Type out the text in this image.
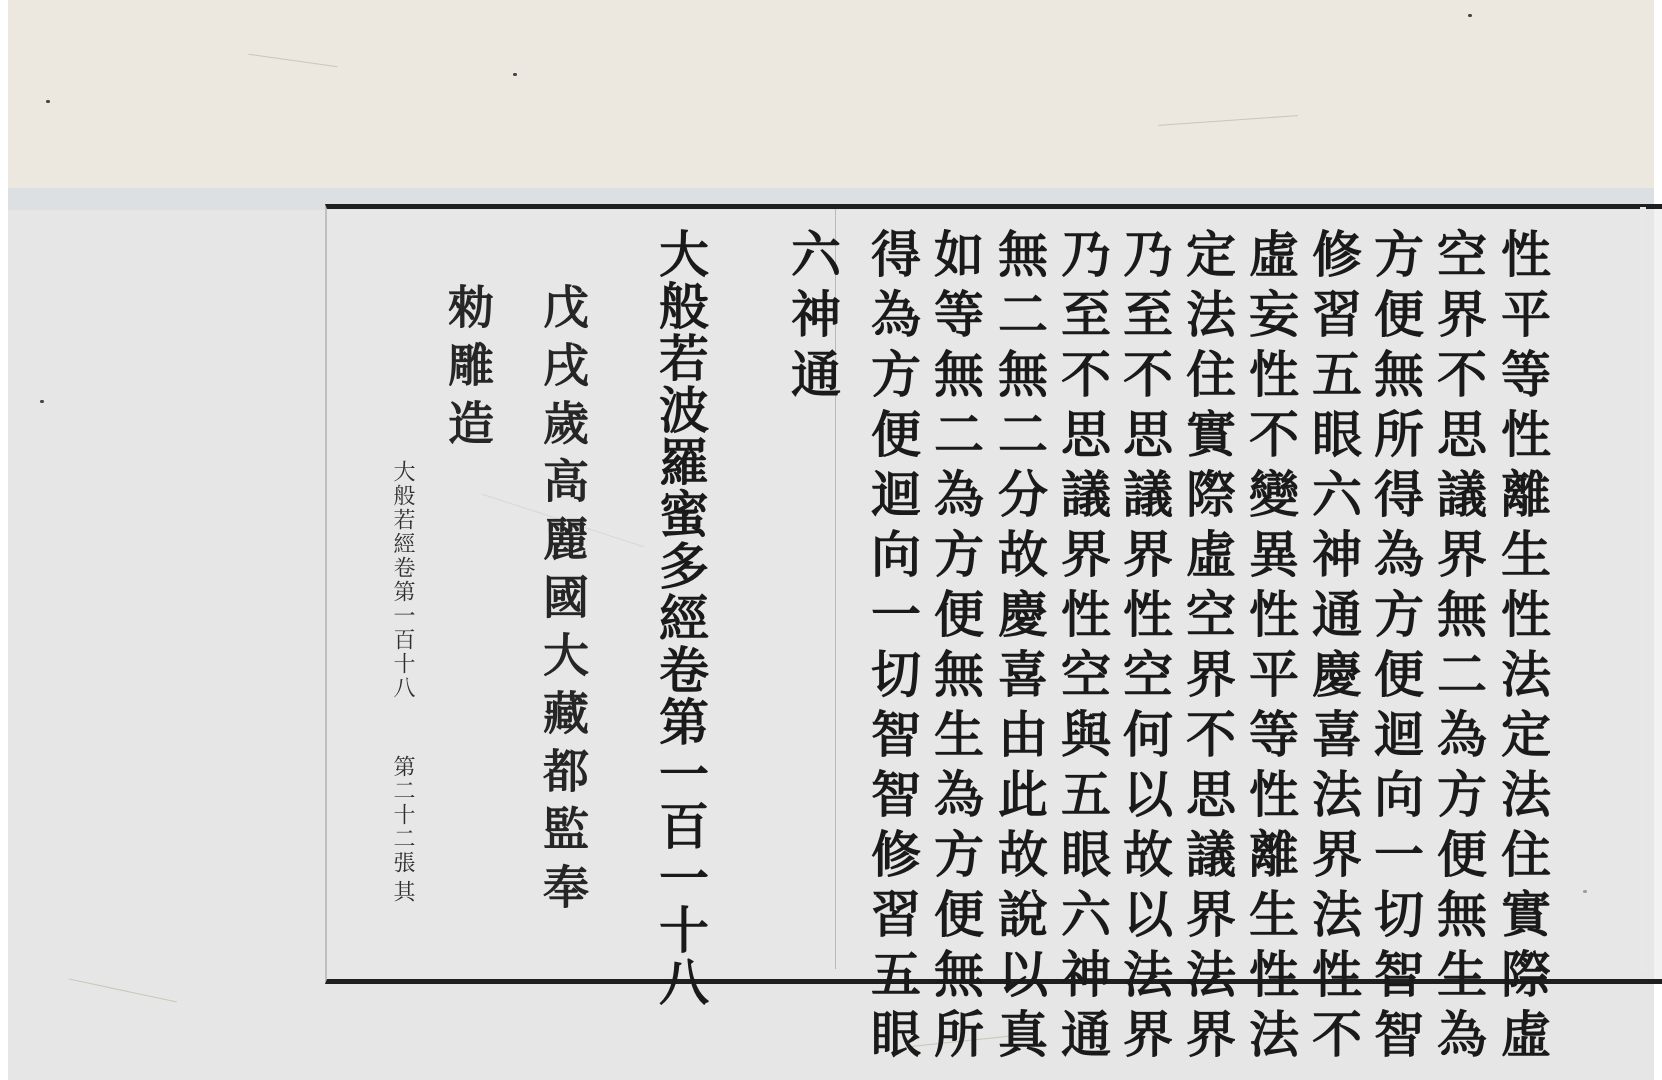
性平等性離生性法定法住實際虛
空界不思議界無二為方便無生為
方便無所得為方便迴向一切智智
修習五眼六神通慶喜法界法性不
虛妄性不變異性平等性離生性法
定法住實際虛空界不思議界法界
乃至不思議界性空何以故以法界
乃至不思議界性空與五眼六神通
無二無二分故慶喜由此故說以真
如等無二為方便無生為方便無所
得為方便迴向一切智智修習五眼
六神通
大般若波羅蜜多經卷第一百一十八
戊戌歲高麗國大藏都監奉
勑雕造
大般若經卷第一百十八
第二十二張
其
